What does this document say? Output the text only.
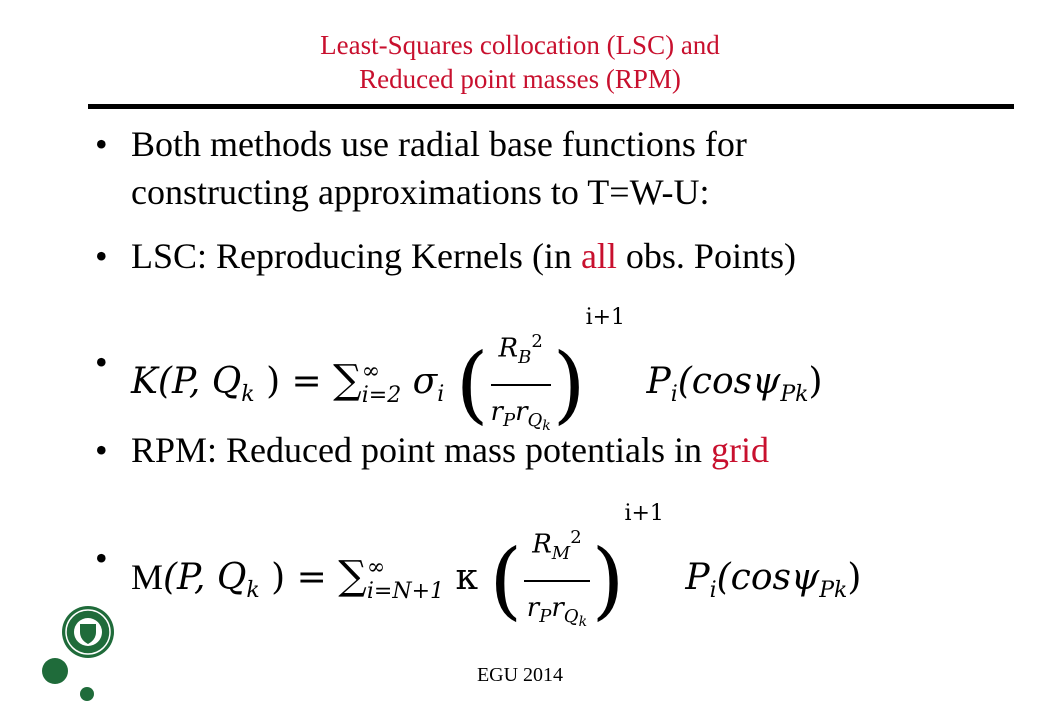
Least-Squares collocation (LSC) and
Reduced point masses (RPM)
• Both methods use radial base functions for
constructing approximations to T=W-U:
• LSC: Reproducing Kernels (in all obs. Points)
• K(P, $Q_k$ ) = ∑ ∞
i=2 $\sigma_i$ ( $\frac{R_B^2}{r_Pr_{Qk}} )^{i+1}$ $P_i(\cos\psi_{Pk})$
• RPM: Reduced point mass potentials in grid
• M(P, $Q_k$ ) = ∑ ∞
i=N+1 κ ( $\frac{R_M^2}{r_Pr_{Qk}} )^{i+1}$ $P_i(\cos\psi_{Pk})$
EGU 2014
